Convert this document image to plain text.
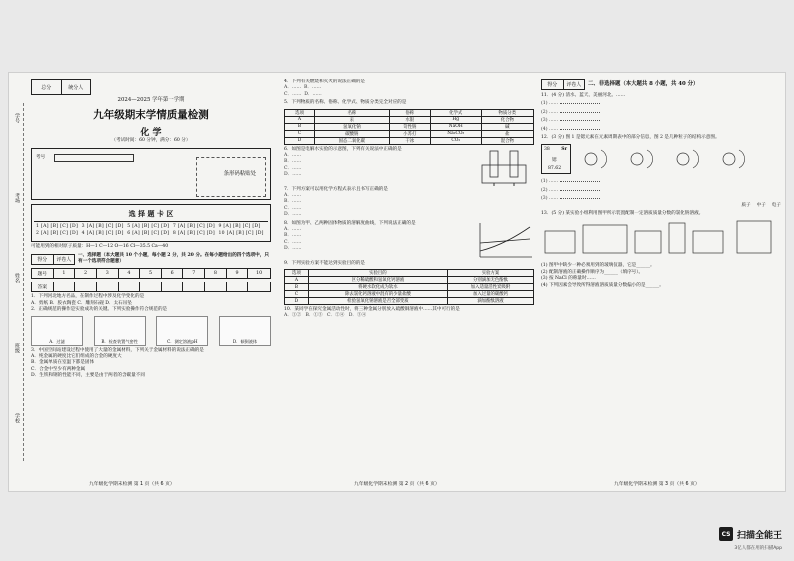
学号
考场
姓名
班级
学校
总分	统分人
2024—2025 学年第一学期
九年级期末学情质量检测
化 学
（考试时间：60 分钟，满分：60 分）
考号
条形码粘贴处
选 择 题 卡 区
1 [A] [B] [C] [D]  3 [A] [B] [C] [D]  5 [A] [B] [C] [D]  7 [A] [B] [C] [D]  9 [A] [B] [C] [D]
2 [A] [B] [C] [D]  4 [A] [B] [C] [D]  6 [A] [B] [C] [D]  8 [A] [B] [C] [D]  10 [A] [B] [C] [D]
可能用到的相对原子质量：H—1 C—12 O—16 Cl—35.5 Ca—40
得分	评卷人
一、选择题（本大题共 10 个小题，每小题 2 分，共 20 分。在每小题给出的四个选项中，只有一个选项符合题意）
题号	1	2	3	4	5	6	7	8	9	10
答案
1．下列河北地方名品，在制作过程中涉及化学变化的是
A．剪纸 B．胶衣陶瓷 C．雕刻石砚 D．太石吊坠
2．正确规范的操作是实验成功的关键。下列实验操作符合规范的是
A．过滤	B．检查装置气密性	C．测定溶液pH	D．倾倒液体
3．中国空间站建设过程中使用了大量的金属材料，下列关于金属材料的说法正确的是
A．纯金属的硬度比它们组成的合金的硬度大
B．金属单质在室温下都是固体
C．合金中至少有两种金属
D．生铁和钢的性能不同，主要是由于两者的含碳量不同
4．下列有关燃烧和灭火的说法正确的是
A．……  B．……
C．……  D．……
5．下列物质的名称、俗称、化学式、物质分类完全对应的是
选项	名称	俗称	化学式	物质分类
A	汞	水银	Hg	化合物
B	氢氧化钠	苛性钠	NaOH	碱
C	碳酸钠	小苏打	Na₂CO₃	盐
D	固态二氧化碳	干冰	CO₂	混合物
6．如图是电解水实验的示意图，下列有关说法中正确的是
A．……
B．……
C．……
D．……
7．下列方案可以用化学方程式表示且书写正确的是
A．……
B．……
C．……
D．……
8．如图为甲、乙两种固体物质的溶解度曲线，下列说法正确的是
A．……
B．……
C．……
D．……
9．下列实验方案不能达到实验目的的是
选项	实验目的	实验方案
A	区分稀硫酸和氢氧化钙溶液	分别滴加无色酚酞
B	将硬水软化成为软水	加入适量活性炭吸附
C	除去氯化钙溶液中混有的少量盐酸	加入过量的碳酸钙
D	检验氢氧化钠溶液是否全部变质	滴加酚酞溶液
10．某同学在探究金属活动性时，将三种金属分别放入硫酸铜溶液中……其中可行的是
A．①②   B．①③   C．②④   D．③④
得分	评卷人	二、非选择题（本大题共 8 小题，共 40 分）
11．(4 分) 清水、蓝天、美丽河北。……
(1) ……
(2) ……
(3) ……
(4) ……
12．(3 分) 图 1 是锶元素在元素周期表中的部分信息，图 2 是几种粒子的结构示意图。
38 Sr
锶
87.62
(1) ……
(2) ……
(3) ……
质子 中子 电子
13．(5 分) 某实验小组利用图甲所示装置配制一定溶质质量分数的氯化钠溶液。
(1) 图甲中缺少一种必须用到的玻璃仪器，它是______。
(2) 配制溶液的正确操作顺序为______（填序号）。
(3) 按 NaCl 的称量时……
(4) 下列因素会导致所得溶液溶质质量分数偏小的是______。
九年级化学期末检测 第 1 页（共 6 页）	九年级化学期末检测 第 2 页（共 6 页）	九年级化学期末检测 第 3 页（共 6 页）
CS 扫描全能王
3亿人都在用的扫描App
